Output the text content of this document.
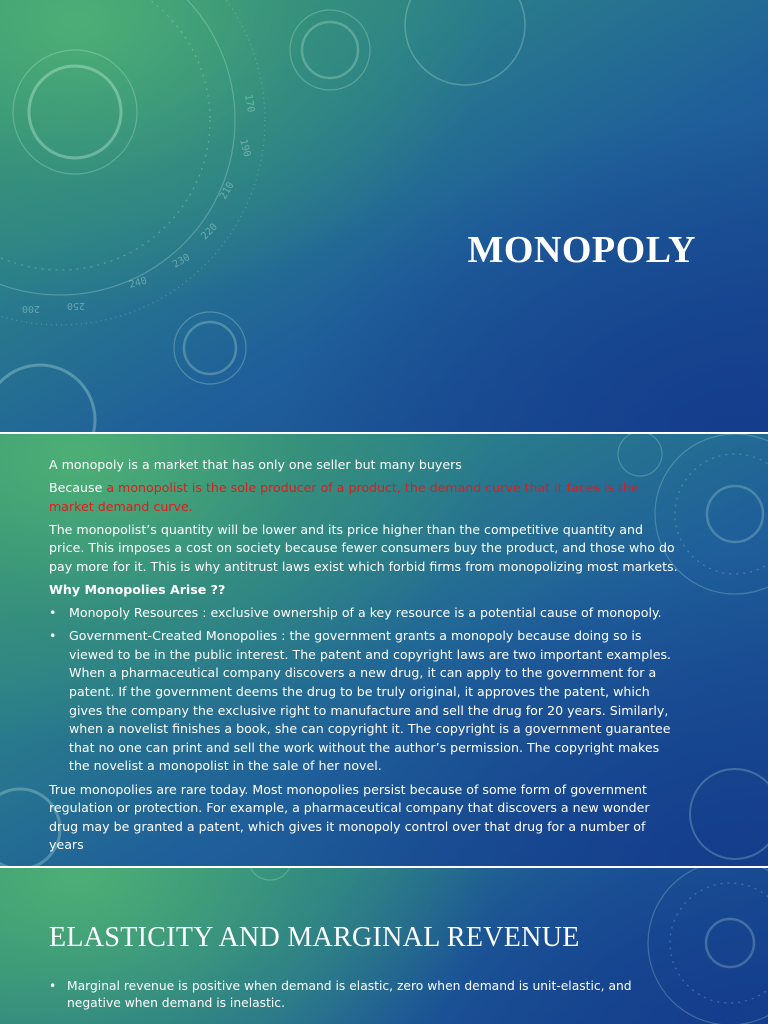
170
190
210
220
230
240
250
200
MONOPOLY

A monopoly is a market that has only one seller but many buyers

Because a monopolist is the sole producer of a product, the demand curve that it faces is the market demand curve.

The monopolist’s quantity will be lower and its price higher than the competitive quantity and price. This imposes a cost on society because fewer consumers buy the product, and those who do pay more for it. This is why antitrust laws exist which forbid firms from monopolizing most markets.

Why Monopolies Arise ??

• Monopoly Resources : exclusive ownership of a key resource is a potential cause of monopoly.
• Government-Created Monopolies : the government grants a monopoly because doing so is viewed to be in the public interest. The patent and copyright laws are two important examples. When a pharmaceutical company discovers a new drug, it can apply to the government for a patent. If the government deems the drug to be truly original, it approves the patent, which gives the company the exclusive right to manufacture and sell the drug for 20 years. Similarly, when a novelist finishes a book, she can copyright it. The copyright is a government guarantee that no one can print and sell the work without the author’s permission. The copyright makes the novelist a monopolist in the sale of her novel.

True monopolies are rare today. Most monopolies persist because of some form of government regulation or protection. For example, a pharmaceutical company that discovers a new wonder drug may be granted a patent, which gives it monopoly control over that drug for a number of years

ELASTICITY AND MARGINAL REVENUE
• Marginal revenue is positive when demand is elastic, zero when demand is unit-elastic, and negative when demand is inelastic.
